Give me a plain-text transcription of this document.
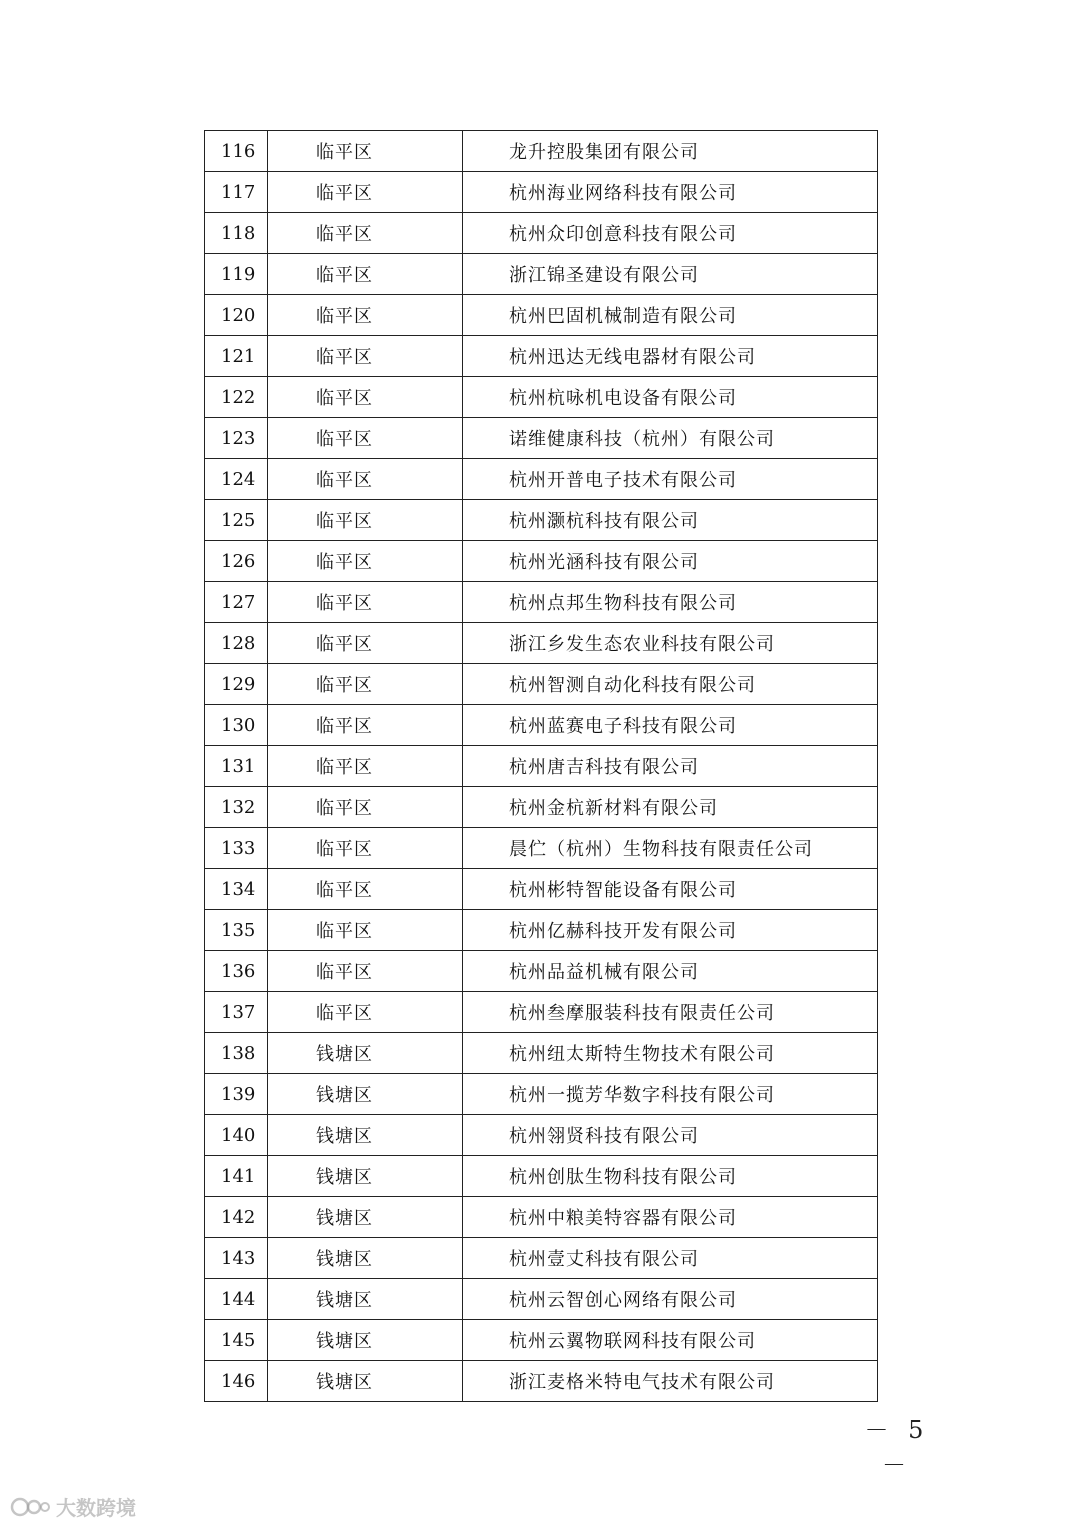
116	临平区	龙升控股集团有限公司
117	临平区	杭州海业网络科技有限公司
118	临平区	杭州众印创意科技有限公司
119	临平区	浙江锦圣建设有限公司
120	临平区	杭州巴固机械制造有限公司
121	临平区	杭州迅达无线电器材有限公司
122	临平区	杭州杭咏机电设备有限公司
123	临平区	诺维健康科技（杭州）有限公司
124	临平区	杭州开普电子技术有限公司
125	临平区	杭州灏杭科技有限公司
126	临平区	杭州光涵科技有限公司
127	临平区	杭州点邦生物科技有限公司
128	临平区	浙江乡发生态农业科技有限公司
129	临平区	杭州智测自动化科技有限公司
130	临平区	杭州蓝赛电子科技有限公司
131	临平区	杭州唐吉科技有限公司
132	临平区	杭州金杭新材料有限公司
133	临平区	晨伫（杭州）生物科技有限责任公司
134	临平区	杭州彬特智能设备有限公司
135	临平区	杭州亿赫科技开发有限公司
136	临平区	杭州品益机械有限公司
137	临平区	杭州叁摩服装科技有限责任公司
138	钱塘区	杭州纽太斯特生物技术有限公司
139	钱塘区	杭州一揽芳华数字科技有限公司
140	钱塘区	杭州翎贤科技有限公司
141	钱塘区	杭州创肽生物科技有限公司
142	钱塘区	杭州中粮美特容器有限公司
143	钱塘区	杭州壹丈科技有限公司
144	钱塘区	杭州云智创心网络有限公司
145	钱塘区	杭州云翼物联网科技有限公司
146	钱塘区	浙江麦格米特电气技术有限公司
－ 5 －
大数跨境
